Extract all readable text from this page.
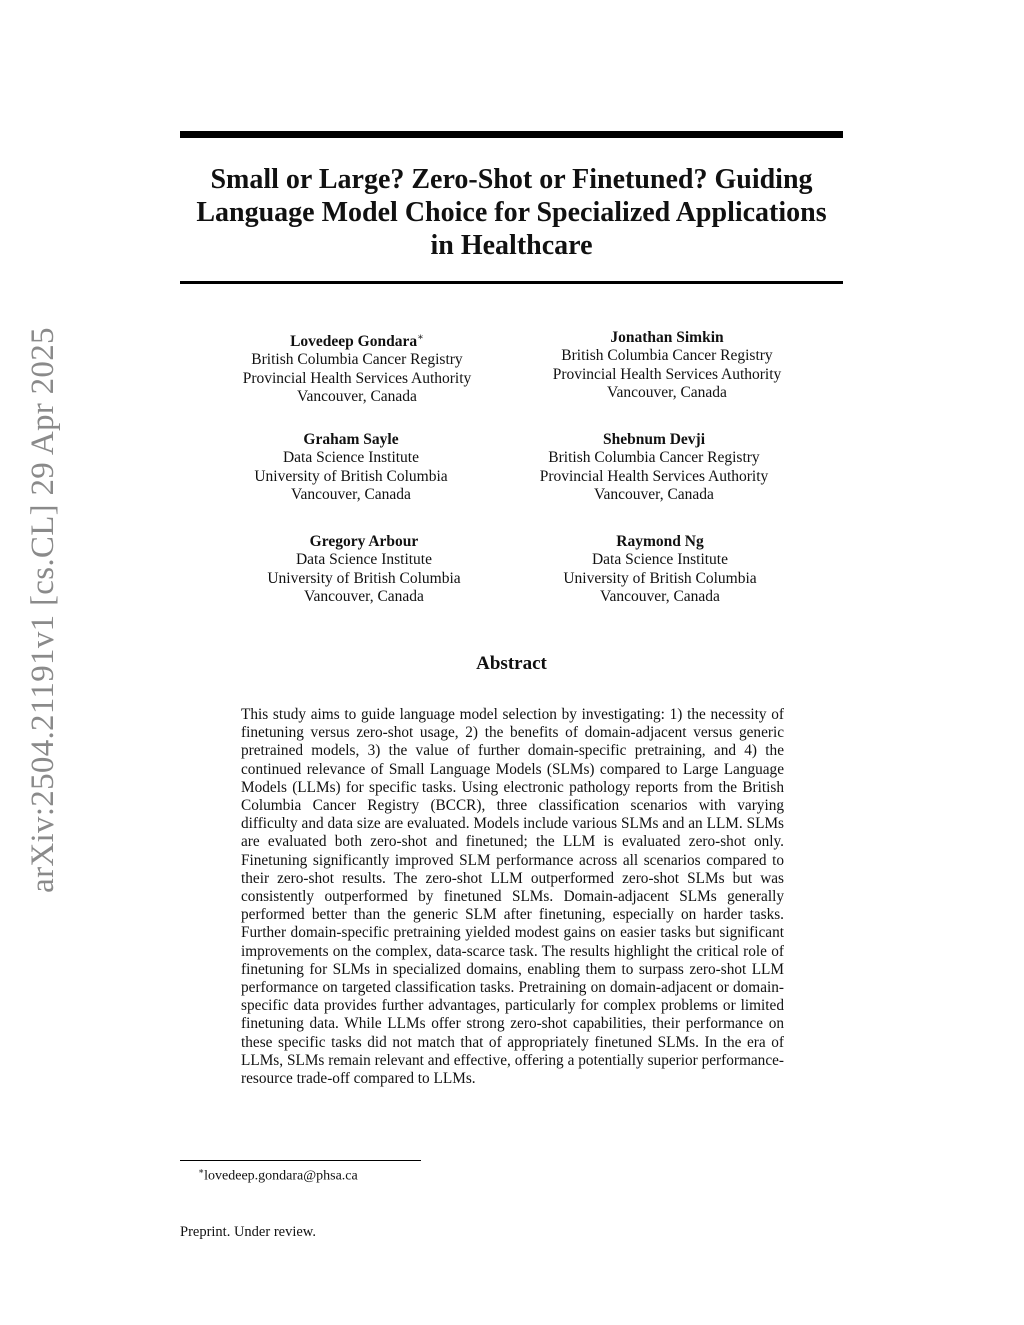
arXiv:2504.21191v1 [cs.CL] 29 Apr 2025
Small or Large? Zero-Shot or Finetuned? Guiding
Language Model Choice for Specialized Applications
in Healthcare
Lovedeep Gondara∗
British Columbia Cancer Registry
Provincial Health Services Authority
Vancouver, Canada
Jonathan Simkin
British Columbia Cancer Registry
Provincial Health Services Authority
Vancouver, Canada
Graham Sayle
Data Science Institute
University of British Columbia
Vancouver, Canada
Shebnum Devji
British Columbia Cancer Registry
Provincial Health Services Authority
Vancouver, Canada
Gregory Arbour
Data Science Institute
University of British Columbia
Vancouver, Canada
Raymond Ng
Data Science Institute
University of British Columbia
Vancouver, Canada
Abstract

This study aims to guide language model selection by investigating: 1) the necessity of finetuning versus zero-shot usage, 2) the benefits of domain-adjacent versus generic pretrained models, 3) the value of further domain-specific pretraining, and 4) the continued relevance of Small Language Models (SLMs) compared to Large Language Models (LLMs) for specific tasks. Using electronic pathology reports from the British Columbia Cancer Registry (BCCR), three classification scenarios with varying difficulty and data size are evaluated. Models include various SLMs and an LLM. SLMs are evaluated both zero-shot and finetuned; the LLM is evaluated zero-shot only. Finetuning significantly improved SLM performance across all scenarios compared to their zero-shot results. The zero-shot LLM outperformed zero-shot SLMs but was consistently outperformed by finetuned SLMs. Domain-adjacent SLMs generally performed better than the generic SLM after finetuning, especially on harder tasks. Further domain-specific pretraining yielded modest gains on easier tasks but significant improvements on the complex, data-scarce task. The results highlight the critical role of finetuning for SLMs in specialized domains, enabling them to surpass zero-shot LLM performance on targeted classification tasks. Pretraining on domain-adjacent or domain-specific data provides further advantages, particularly for complex problems or limited finetuning data. While LLMs offer strong zero-shot capabilities, their performance on these specific tasks did not match that of appropriately finetuned SLMs. In the era of LLMs, SLMs remain relevant and effective, offering a potentially superior performance-resource trade-off compared to LLMs.

∗lovedeep.gondara@phsa.ca
Preprint. Under review.
